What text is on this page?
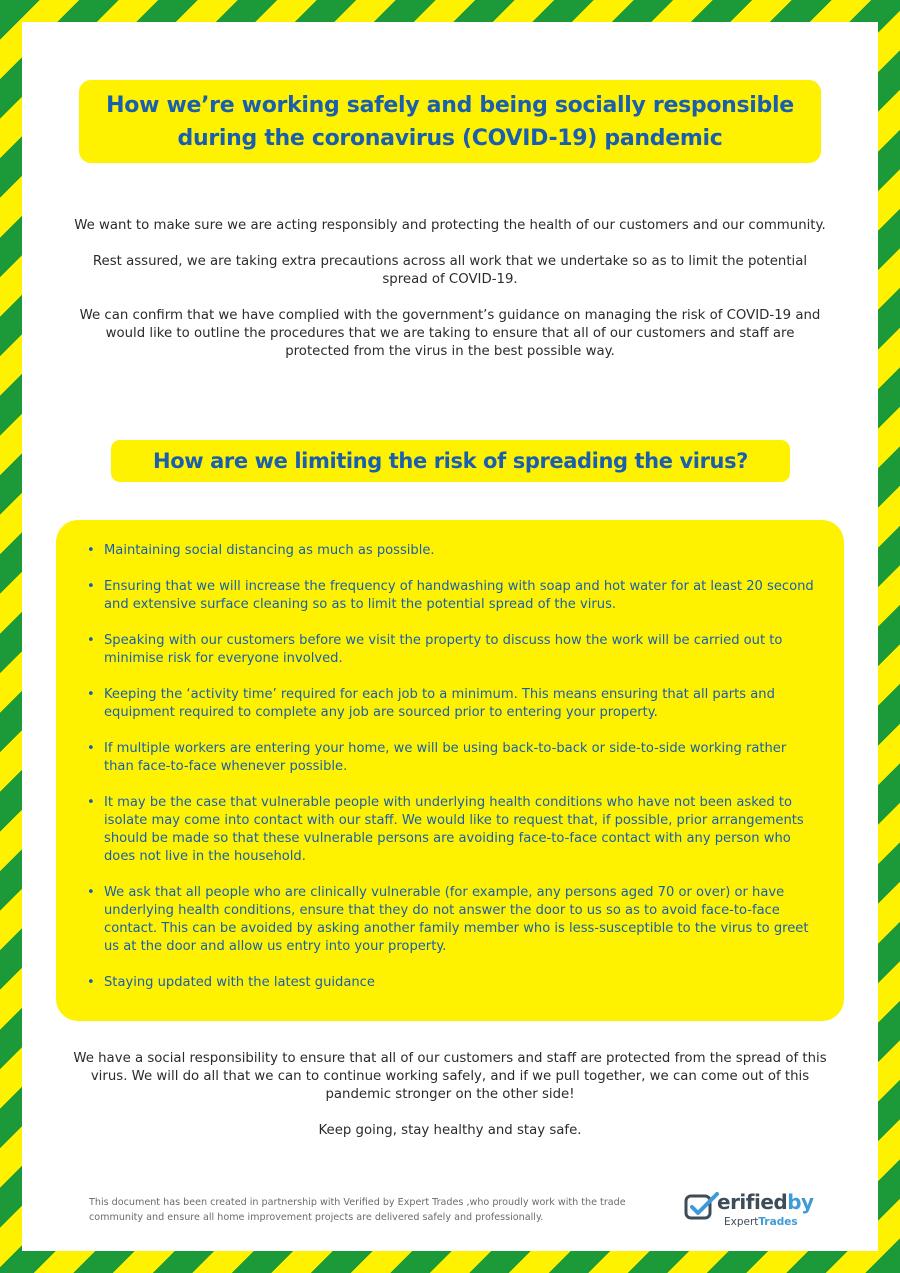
How we’re working safely and being socially responsible
during the coronavirus (COVID-19) pandemic

We want to make sure we are acting responsibly and protecting the health of our customers and our community.

Rest assured, we are taking extra precautions across all work that we undertake so as to limit the potential spread of COVID-19.

We can confirm that we have complied with the government’s guidance on managing the risk of COVID-19 and would like to outline the procedures that we are taking to ensure that all of our customers and staff are protected from the virus in the best possible way.

How are we limiting the risk of spreading the virus?
• Maintaining social distancing as much as possible.
• Ensuring that we will increase the frequency of handwashing with soap and hot water for at least 20 second and extensive surface cleaning so as to limit the potential spread of the virus.
• Speaking with our customers before we visit the property to discuss how the work will be carried out to minimise risk for everyone involved.
• Keeping the ‘activity time’ required for each job to a minimum. This means ensuring that all parts and equipment required to complete any job are sourced prior to entering your property.
• If multiple workers are entering your home, we will be using back-to-back or side-to-side working rather than face-to-face whenever possible.
• It may be the case that vulnerable people with underlying health conditions who have not been asked to isolate may come into contact with our staff. We would like to request that, if possible, prior arrangements should be made so that these vulnerable persons are avoiding face-to-face contact with any person who does not live in the household.
• We ask that all people who are clinically vulnerable (for example, any persons aged 70 or over) or have underlying health conditions, ensure that they do not answer the door to us so as to avoid face-to-face contact. This can be avoided by asking another family member who is less-susceptible to the virus to greet us at the door and allow us entry into your property.
• Staying updated with the latest guidance

We have a social responsibility to ensure that all of our customers and staff are protected from the spread of this virus. We will do all that we can to continue working safely, and if we pull together, we can come out of this pandemic stronger on the other side!

Keep going, stay healthy and stay safe.

This document has been created in partnership with Verified by Expert Trades ,who proudly work with the trade community and ensure all home improvement projects are delivered safely and professionally.
erifiedby
ExpertTrades
